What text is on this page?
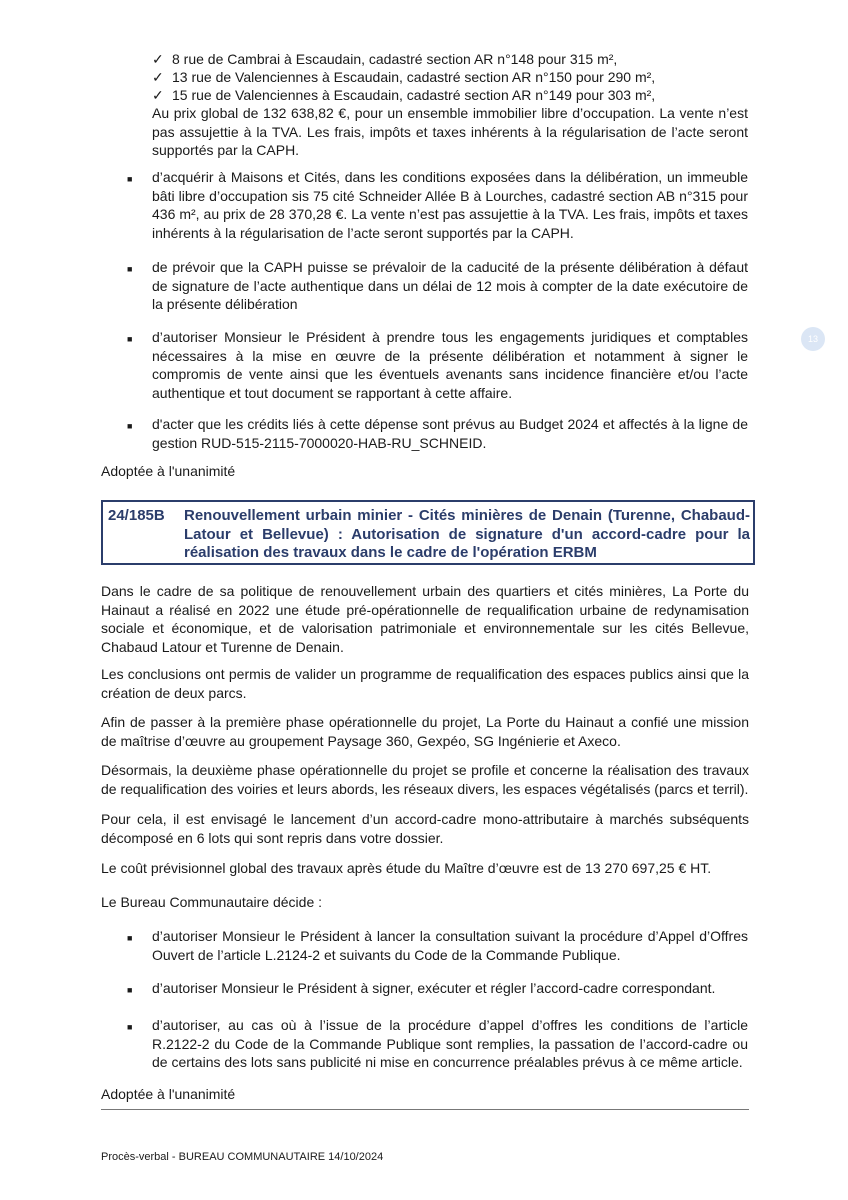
✓ 8 rue de Cambrai à Escaudain, cadastré section AR n°148 pour 315 m²,
✓ 13 rue de Valenciennes à Escaudain, cadastré section AR n°150 pour 290 m²,
✓ 15 rue de Valenciennes à Escaudain, cadastré section AR n°149 pour 303 m²,
Au prix global de 132 638,82 €, pour un ensemble immobilier libre d’occupation. La vente n’est pas assujettie à la TVA. Les frais, impôts et taxes inhérents à la régularisation de l’acte seront supportés par la CAPH.
■ d’acquérir à Maisons et Cités, dans les conditions exposées dans la délibération, un immeuble bâti libre d’occupation sis 75 cité Schneider Allée B à Lourches, cadastré section AB n°315 pour 436 m², au prix de 28 370,28 €. La vente n’est pas assujettie à la TVA. Les frais, impôts et taxes inhérents à la régularisation de l’acte seront supportés par la CAPH.
■ de prévoir que la CAPH puisse se prévaloir de la caducité de la présente délibération à défaut de signature de l’acte authentique dans un délai de 12 mois à compter de la date exécutoire de la présente délibération
■ d’autoriser Monsieur le Président à prendre tous les engagements juridiques et comptables nécessaires à la mise en œuvre de la présente délibération et notamment à signer le compromis de vente ainsi que les éventuels avenants sans incidence financière et/ou l’acte authentique et tout document se rapportant à cette affaire.
13
■ d'acter que les crédits liés à cette dépense sont prévus au Budget 2024 et affectés à la ligne de gestion RUD-515-2115-7000020-HAB-RU_SCHNEID.
Adoptée à l'unanimité
24/185B Renouvellement urbain minier - Cités minières de Denain (Turenne, Chabaud-Latour et Bellevue) : Autorisation de signature d'un accord-cadre pour la réalisation des travaux dans le cadre de l'opération ERBM
Dans le cadre de sa politique de renouvellement urbain des quartiers et cités minières, La Porte du Hainaut a réalisé en 2022 une étude pré-opérationnelle de requalification urbaine de redynamisation sociale et économique, et de valorisation patrimoniale et environnementale sur les cités Bellevue, Chabaud Latour et Turenne de Denain.
Les conclusions ont permis de valider un programme de requalification des espaces publics ainsi que la création de deux parcs.
Afin de passer à la première phase opérationnelle du projet, La Porte du Hainaut a confié une mission de maîtrise d’œuvre au groupement Paysage 360, Gexpéo, SG Ingénierie et Axeco.
Désormais, la deuxième phase opérationnelle du projet se profile et concerne la réalisation des travaux de requalification des voiries et leurs abords, les réseaux divers, les espaces végétalisés (parcs et terril).
Pour cela, il est envisagé le lancement d’un accord-cadre mono-attributaire à marchés subséquents décomposé en 6 lots qui sont repris dans votre dossier.
Le coût prévisionnel global des travaux après étude du Maître d’œuvre est de 13 270 697,25 € HT.
Le Bureau Communautaire décide :
■ d’autoriser Monsieur le Président à lancer la consultation suivant la procédure d’Appel d’Offres Ouvert de l’article L.2124-2 et suivants du Code de la Commande Publique.
■ d’autoriser Monsieur le Président à signer, exécuter et régler l’accord-cadre correspondant.
■ d’autoriser, au cas où à l’issue de la procédure d’appel d’offres les conditions de l’article R.2122-2 du Code de la Commande Publique sont remplies, la passation de l’accord-cadre ou de certains des lots sans publicité ni mise en concurrence préalables prévus à ce même article.
Adoptée à l'unanimité
Procès-verbal - BUREAU COMMUNAUTAIRE 14/10/2024
